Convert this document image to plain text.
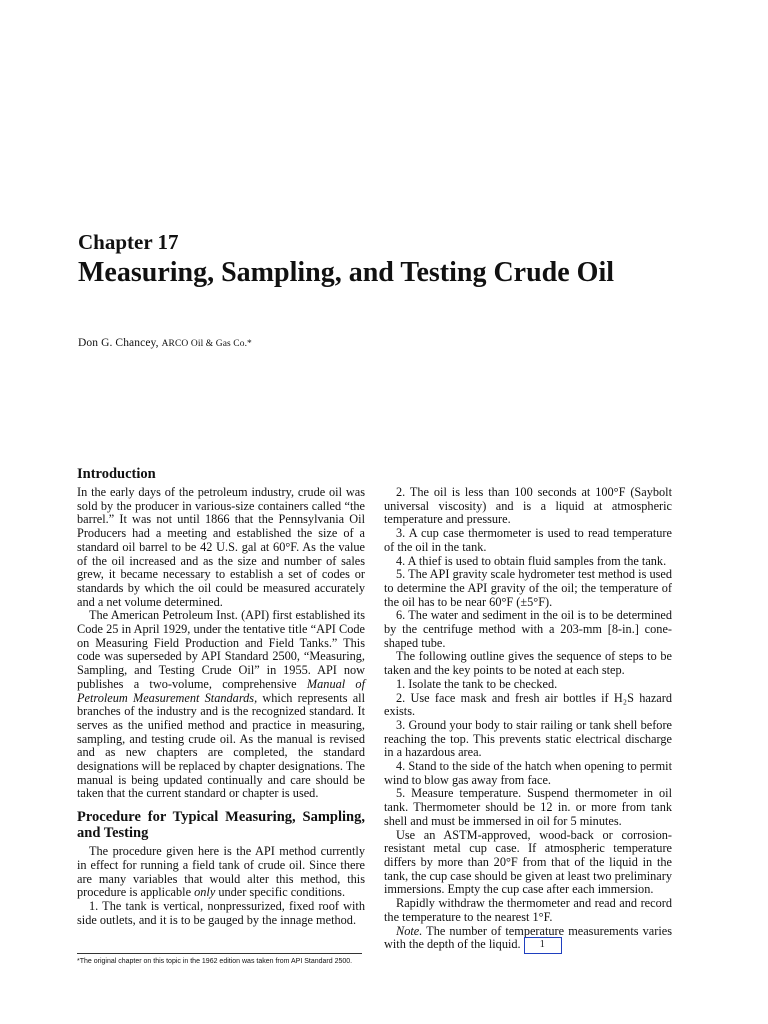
Chapter 17
Measuring, Sampling, and Testing Crude Oil
Don G. Chancey, ARCO Oil & Gas Co.*
Introduction

In the early days of the petroleum industry, crude oil was sold by the producer in various-size containers called “the barrel.” It was not until 1866 that the Pennsylvania Oil Producers had a meeting and established the size of a standard oil barrel to be 42 U.S. gal at 60°F. As the value of the oil increased and as the size and number of sales grew, it became necessary to establish a set of codes or standards by which the oil could be measured accurately and a net volume determined.

The American Petroleum Inst. (API) first established its Code 25 in April 1929, under the tentative title “API Code on Measuring Field Production and Field Tanks.” This code was superseded by API Standard 2500, “Measuring, Sampling, and Testing Crude Oil” in 1955. API now publishes a two-volume, comprehensive Manual of Petroleum Measurement Standards, which represents all branches of the industry and is the recognized standard. It serves as the unified method and practice in measuring, sampling, and testing crude oil. As the manual is revised and as new chapters are completed, the standard designations will be replaced by chapter designations. The manual is being updated continually and care should be taken that the current standard or chapter is used.

Procedure for Typical Measuring, Sampling, and Testing

The procedure given here is the API method currently in effect for running a field tank of crude oil. Since there are many variables that would alter this method, this procedure is applicable only under specific conditions.

1. The tank is vertical, nonpressurized, fixed roof with side outlets, and it is to be gauged by the innage method.

*The original chapter on this topic in the 1962 edition was taken from API Standard 2500.

2. The oil is less than 100 seconds at 100°F (Saybolt universal viscosity) and is a liquid at atmospheric temperature and pressure.

3. A cup case thermometer is used to read temperature of the oil in the tank.

4. A thief is used to obtain fluid samples from the tank.

5. The API gravity scale hydrometer test method is used to determine the API gravity of the oil; the temperature of the oil has to be near 60°F (±5°F).

6. The water and sediment in the oil is to be determined by the centrifuge method with a 203-mm [8-in.] cone-shaped tube.

The following outline gives the sequence of steps to be taken and the key points to be noted at each step.

1. Isolate the tank to be checked.

2. Use face mask and fresh air bottles if H₂S hazard exists.

3. Ground your body to stair railing or tank shell before reaching the top. This prevents static electrical discharge in a hazardous area.

4. Stand to the side of the hatch when opening to permit wind to blow gas away from face.

5. Measure temperature. Suspend thermometer in oil tank. Thermometer should be 12 in. or more from tank shell and must be immersed in oil for 5 minutes.

Use an ASTM-approved, wood-back or corrosion-resistant metal cup case. If atmospheric temperature differs by more than 20°F from that of the liquid in the tank, the cup case should be given at least two preliminary immersions. Empty the cup case after each immersion.

Rapidly withdraw the thermometer and read and record the temperature to the nearest 1°F.

Note. The number of temperature measurements varies with the depth of the liquid. 1
